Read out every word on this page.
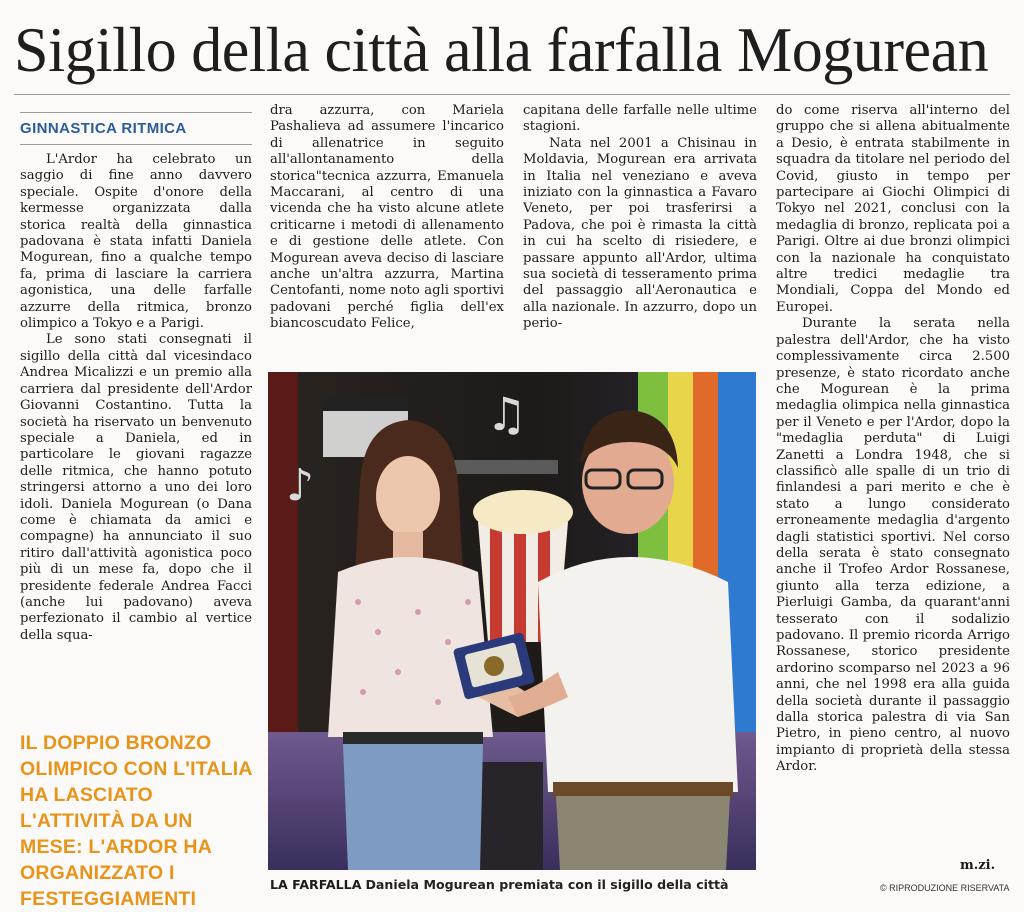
Sigillo della città alla farfalla Mogurean
GINNASTICA RITMICA

L'Ardor ha celebrato un saggio di fine anno davvero speciale. Ospite d'onore della kermesse organizzata dalla storica realtà della ginnastica padovana è stata infatti Daniela Mogurean, fino a qualche tempo fa, prima di lasciare la carriera agonistica, una delle farfalle azzurre della ritmica, bronzo olimpico a Tokyo e a Parigi.

Le sono stati consegnati il sigillo della città dal vicesindaco Andrea Micalizzi e un premio alla carriera dal presidente dell'Ardor Giovanni Costantino. Tutta la società ha riservato un benvenuto speciale a Daniela, ed in particolare le giovani ragazze delle ritmica, che hanno potuto stringersi attorno a uno dei loro idoli. Daniela Mogurean (o Dana come è chiamata da amici e compagne) ha annunciato il suo ritiro dall'attività agonistica poco più di un mese fa, dopo che il presidente federale Andrea Facci (anche lui padovano) aveva perfezionato il cambio al vertice della squa-

dra azzurra, con Mariela Pashalieva ad assumere l'incarico di allenatrice in seguito all'allontanamento della storica"tecnica azzurra, Emanuela Maccarani, al centro di una vicenda che ha visto alcune atlete criticarne i metodi di allenamento e di gestione delle atlete. Con Mogurean aveva deciso di lasciare anche un'altra azzurra, Martina Centofanti, nome noto agli sportivi padovani perché figlia dell'ex biancoscudato Felice,

capitana delle farfalle nelle ultime stagioni.

Nata nel 2001 a Chisinau in Moldavia, Mogurean era arrivata in Italia nel veneziano e aveva iniziato con la ginnastica a Favaro Veneto, per poi trasferirsi a Padova, che poi è rimasta la città in cui ha scelto di risiedere, e passare appunto all'Ardor, ultima sua società di tesseramento prima del passaggio all'Aeronautica e alla nazionale. In azzurro, dopo un perio-

do come riserva all'interno del gruppo che si allena abitualmente a Desio, è entrata stabilmente in squadra da titolare nel periodo del Covid, giusto in tempo per partecipare ai Giochi Olimpici di Tokyo nel 2021, conclusi con la medaglia di bronzo, replicata poi a Parigi. Oltre ai due bronzi olimpici con la nazionale ha conquistato altre tredici medaglie tra Mondiali, Coppa del Mondo ed Europei.

Durante la serata nella palestra dell'Ardor, che ha visto complessivamente circa 2.500 presenze, è stato ricordato anche che Mogurean è la prima medaglia olimpica nella ginnastica per il Veneto e per l'Ardor, dopo la "medaglia perduta" di Luigi Zanetti a Londra 1948, che si classificò alle spalle di un trio di finlandesi a pari merito e che è stato a lungo considerato erroneamente medaglia d'argento dagli statistici sportivi. Nel corso della serata è stato consegnato anche il Trofeo Ardor Rossanese, giunto alla terza edizione, a Pierluigi Gamba, da quarant'anni tesserato con il sodalizio padovano. Il premio ricorda Arrigo Rossanese, storico presidente ardorino scomparso nel 2023 a 96 anni, che nel 1998 era alla guida della società durante il passaggio dalla storica palestra di via San Pietro, in pieno centro, al nuovo impianto di proprietà della stessa Ardor.

IL DOPPIO BRONZO OLIMPICO CON L'ITALIA HA LASCIATO L'ATTIVITÀ DA UN MESE: L'ARDOR HA ORGANIZZATO I FESTEGGIAMENTI
♫
♪
LA FARFALLA Daniela Mogurean premiata con il sigillo della città
m.zi.
© RIPRODUZIONE RISERVATA
